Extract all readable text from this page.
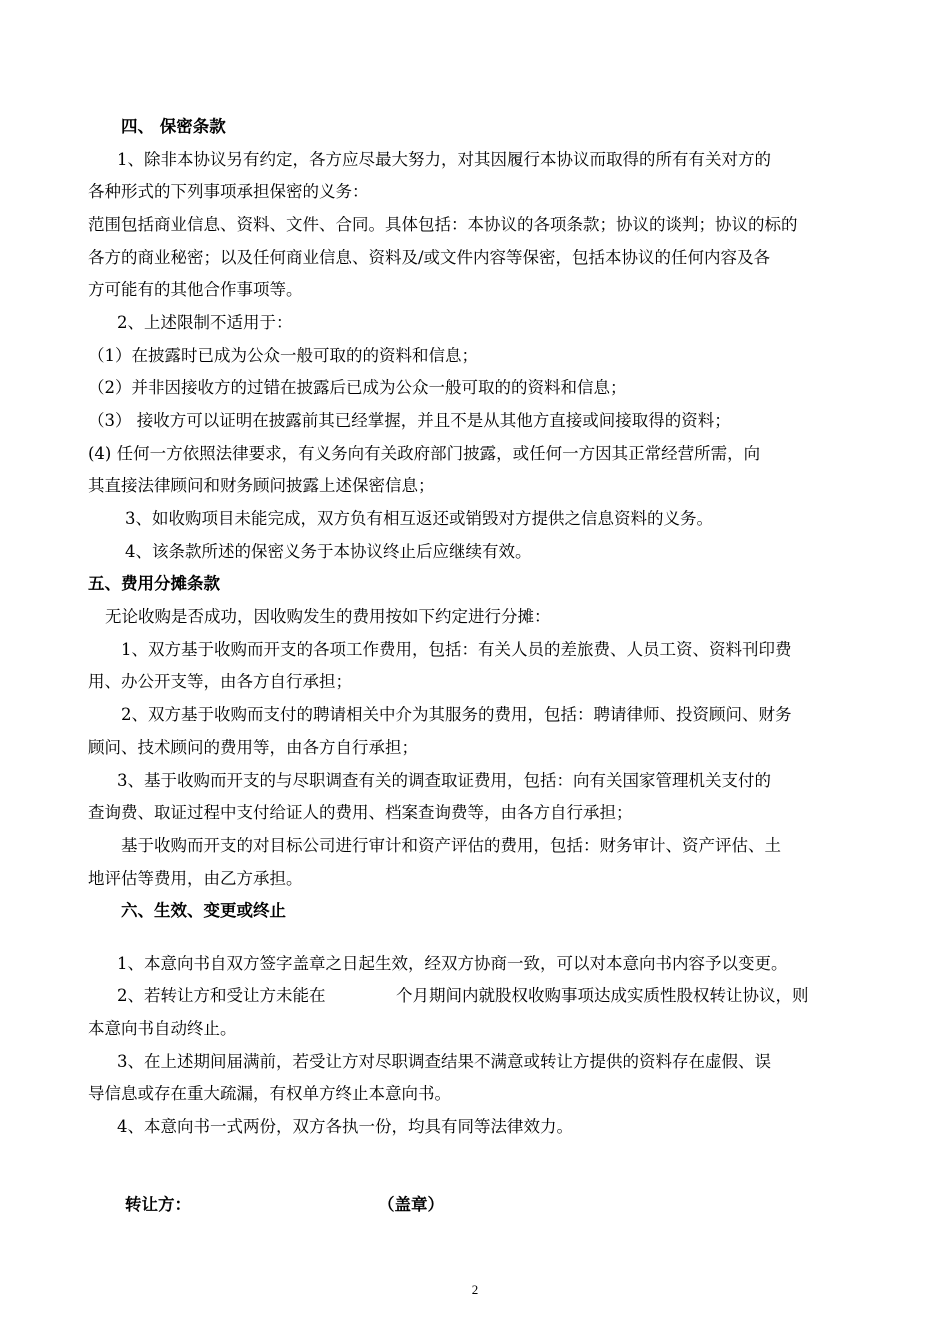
四、 保密条款
1、除非本协议另有约定，各方应尽最大努力，对其因履行本协议而取得的所有有关对方的
各种形式的下列事项承担保密的义务：
范围包括商业信息、资料、文件、合同。具体包括：本协议的各项条款；协议的谈判；协议的标的
各方的商业秘密；以及任何商业信息、资料及/或文件内容等保密，包括本协议的任何内容及各
方可能有的其他合作事项等。
2、上述限制不适用于：
（1）在披露时已成为公众一般可取的的资料和信息；
（2）并非因接收方的过错在披露后已成为公众一般可取的的资料和信息；
（3） 接收方可以证明在披露前其已经掌握，并且不是从其他方直接或间接取得的资料；
(4) 任何一方依照法律要求，有义务向有关政府部门披露，或任何一方因其正常经营所需，向
其直接法律顾问和财务顾问披露上述保密信息；
3、如收购项目未能完成，双方负有相互返还或销毁对方提供之信息资料的义务。
4、该条款所述的保密义务于本协议终止后应继续有效。
五、费用分摊条款
无论收购是否成功，因收购发生的费用按如下约定进行分摊：
1、双方基于收购而开支的各项工作费用，包括：有关人员的差旅费、人员工资、资料刊印费
用、办公开支等，由各方自行承担；
2、双方基于收购而支付的聘请相关中介为其服务的费用，包括：聘请律师、投资顾问、财务
顾问、技术顾问的费用等，由各方自行承担；
3、基于收购而开支的与尽职调查有关的调查取证费用，包括：向有关国家管理机关支付的
查询费、取证过程中支付给证人的费用、档案查询费等，由各方自行承担；
基于收购而开支的对目标公司进行审计和资产评估的费用，包括：财务审计、资产评估、土
地评估等费用，由乙方承担。
六、生效、变更或终止
1、本意向书自双方签字盖章之日起生效，经双方协商一致，可以对本意向书内容予以变更。
2、若转让方和受让方未能在	个月期间内就股权收购事项达成实质性股权转让协议，则
本意向书自动终止。
3、在上述期间届满前，若受让方对尽职调查结果不满意或转让方提供的资料存在虚假、误
导信息或存在重大疏漏，有权单方终止本意向书。
4、本意向书一式两份，双方各执一份，均具有同等法律效力。
转让方：	（盖章）
2
